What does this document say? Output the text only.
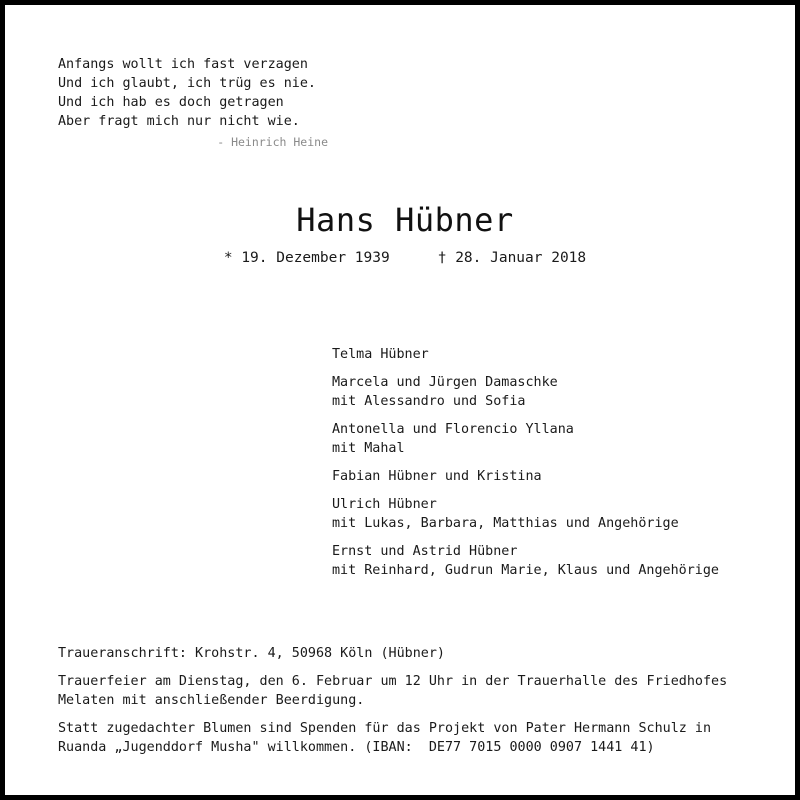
Anfangs wollt ich fast verzagen
Und ich glaubt, ich trüg es nie.
Und ich hab es doch getragen
Aber fragt mich nur nicht wie.
- Heinrich Heine
Hans Hübner
* 19. Dezember 1939	† 28. Januar 2018
Telma Hübner
Marcela und Jürgen Damaschke
mit Alessandro und Sofia
Antonella und Florencio Yllana
mit Mahal
Fabian Hübner und Kristina
Ulrich Hübner
mit Lukas, Barbara, Matthias und Angehörige
Ernst und Astrid Hübner
mit Reinhard, Gudrun Marie, Klaus und Angehörige
Traueranschrift: Krohstr. 4, 50968 Köln (Hübner)
Trauerfeier am Dienstag, den 6. Februar um 12 Uhr in der Trauerhalle des Friedhofes
Melaten mit anschließender Beerdigung.
Statt zugedachter Blumen sind Spenden für das Projekt von Pater Hermann Schulz in
Ruanda „Jugenddorf Musha" willkommen. (IBAN:  DE77 7015 0000 0907 1441 41)
